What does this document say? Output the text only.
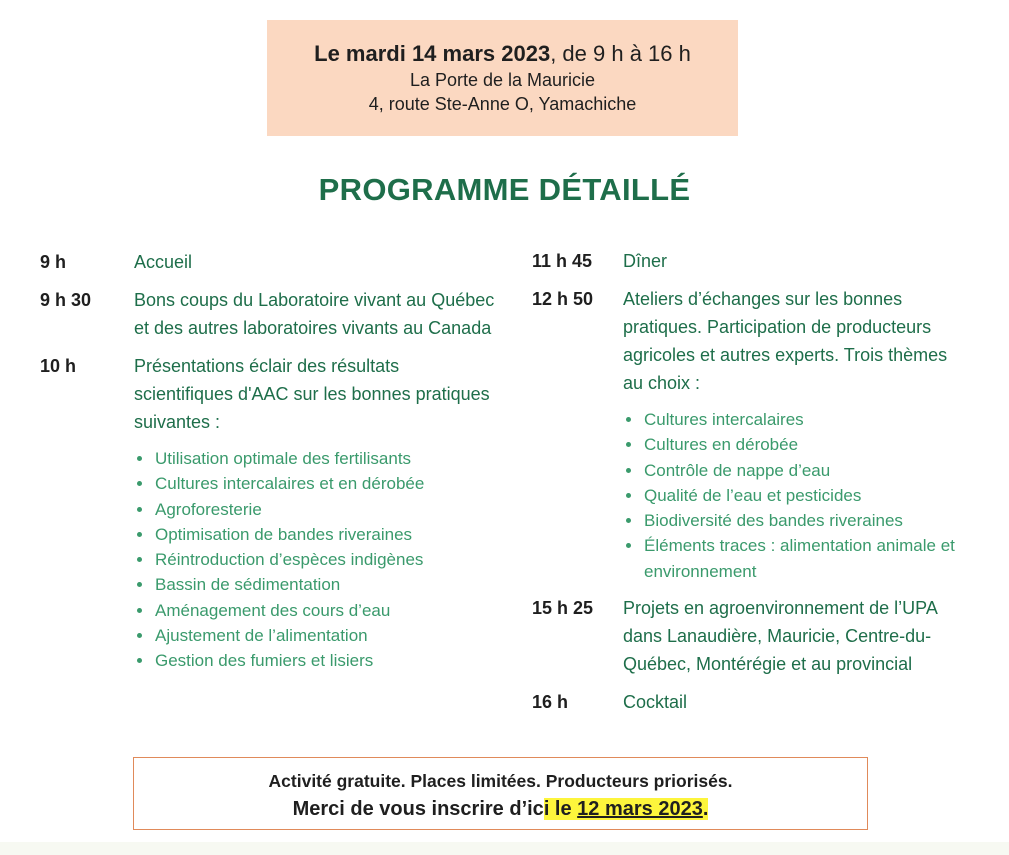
Le mardi 14 mars 2023, de 9 h à 16 h
La Porte de la Mauricie
4, route Ste-Anne O, Yamachiche
PROGRAMME DÉTAILLÉ
9 h	Accueil
9 h 30 Bons coups du Laboratoire vivant au Québec et des autres laboratoires vivants au Canada
10 h	Présentations éclair des résultats scientifiques d'AAC sur les bonnes pratiques suivantes :
Utilisation optimale des fertilisants
Cultures intercalaires et en dérobée
Agroforesterie
Optimisation de bandes riveraines
Réintroduction d’espèces indigènes
Bassin de sédimentation
Aménagement des cours d’eau
Ajustement de l’alimentation
Gestion des fumiers et lisiers
11 h 45 Dîner
12 h 50 Ateliers d’échanges sur les bonnes pratiques. Participation de producteurs agricoles et autres experts. Trois thèmes au choix :
Cultures intercalaires
Cultures en dérobée
Contrôle de nappe d’eau
Qualité de l’eau et pesticides
Biodiversité des bandes riveraines
Éléments traces : alimentation animale et environnement
15 h 25 Projets en agroenvironnement de l’UPA dans Lanaudière, Mauricie, Centre-du-Québec, Montérégie et au provincial
16 h	Cocktail
Activité gratuite. Places limitées. Producteurs priorisés.
Merci de vous inscrire d’ici le 12 mars 2023.
